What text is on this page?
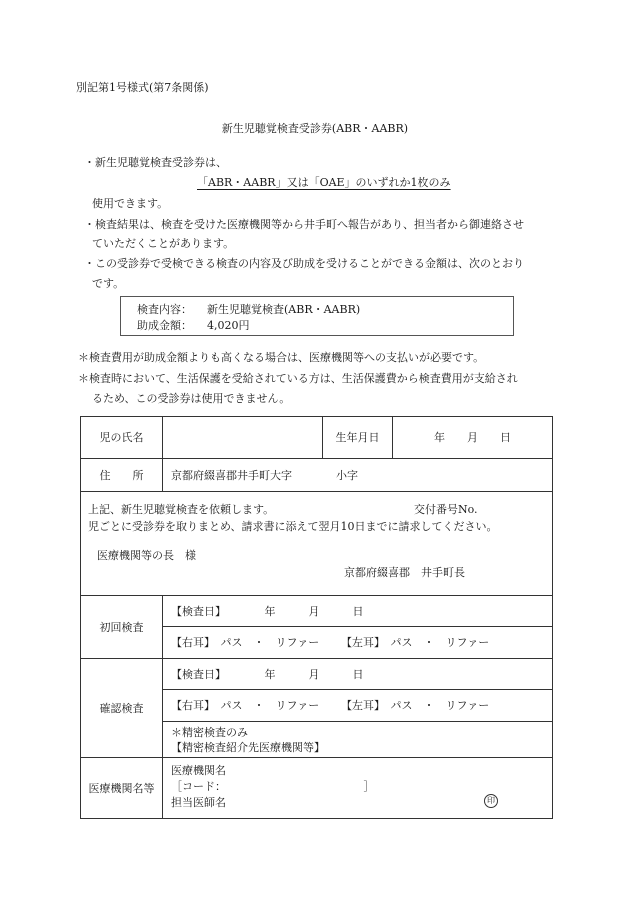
別記第1号様式(第7条関係)
新生児聴覚検査受診券(ABR・AABR)
・新生児聴覚検査受診券は、
「ABR・AABR」又は「OAE」のいずれか1枚のみ
使用できます。
・検査結果は、検査を受けた医療機関等から井手町へ報告があり、担当者から御連絡させ
ていただくことがあります。
・この受診券で受検できる検査の内容及び助成を受けることができる金額は、次のとおり
です。
検査内容： 新生児聴覚検査(ABR・AABR)
助成金額： 4,020円
＊検査費用が助成金額よりも高くなる場合は、医療機関等への支払いが必要です。
＊検査時において、生活保護を受給されている方は、生活保護費から検査費用が支給され
るため、この受診券は使用できません。
児の氏名		生年月日	年　　月　　日
住　　所	京都府綴喜郡井手町大字　　　　小字		

上記、新生児聴覚検査を依頼します。 交付番号No.
児ごとに受診券を取りまとめ、請求書に添えて翌月10日までに請求してください。
医療機関等の長　様
京都府綴喜郡　井手町長			

初回検査	【検査日】　　　　年　　　月　　　日		
	【右耳】　パス　・　リファー 【左耳】　パス　・　リファー		
確認検査	【検査日】　　　　年　　　月　　　日		
	【右耳】　パス　・　リファー 【左耳】　パス　・　リファー		

	＊精密検査のみ
【精密検査紹介先医療機関等】		

医療機関名等	医療機関名
［コード：　　　　　　　　　　　　　］
担当医師名 印		
